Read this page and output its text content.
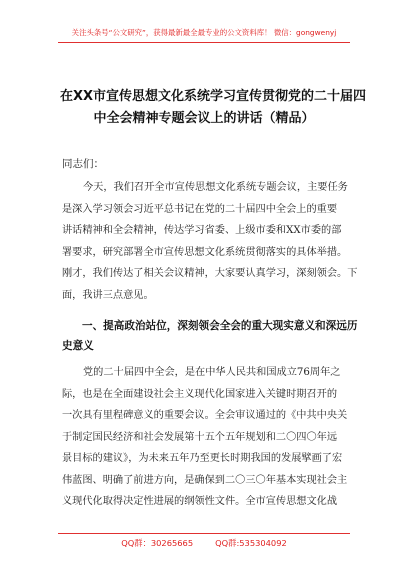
关注头条号“公文研究”，获得最新最全最专业的公文资料库！ 微信：gongwenyj
在XX市宣传思想文化系统学习宣传贯彻党的二十届四
中全会精神专题会议上的讲话（精品）
同志们：
今天，我们召开全市宣传思想文化系统专题会议，主要任务
是深入学习领会习近平总书记在党的二十届四中全会上的重要
讲话精神和全会精神，传达学习省委、上级市委和XX市委的部
署要求，研究部署全市宣传思想文化系统贯彻落实的具体举措。
刚才，我们传达了相关会议精神，大家要认真学习，深刻领会。下
面，我讲三点意见。
一、提高政治站位，深刻领会全会的重大现实意义和深远历
史意义
党的二十届四中全会，是在中华人民共和国成立76周年之
际，也是在全面建设社会主义现代化国家进入关键时期召开的
一次具有里程碑意义的重要会议。全会审议通过的《中共中央关
于制定国民经济和社会发展第十五个五年规划和二〇四〇年远
景目标的建议》，为未来五年乃至更长时期我国的发展擘画了宏
伟蓝图、明确了前进方向，是确保到二〇三〇年基本实现社会主
义现代化取得决定性进展的纲领性文件。全市宣传思想文化战
QQ群：30265665	QQ群:535304092
